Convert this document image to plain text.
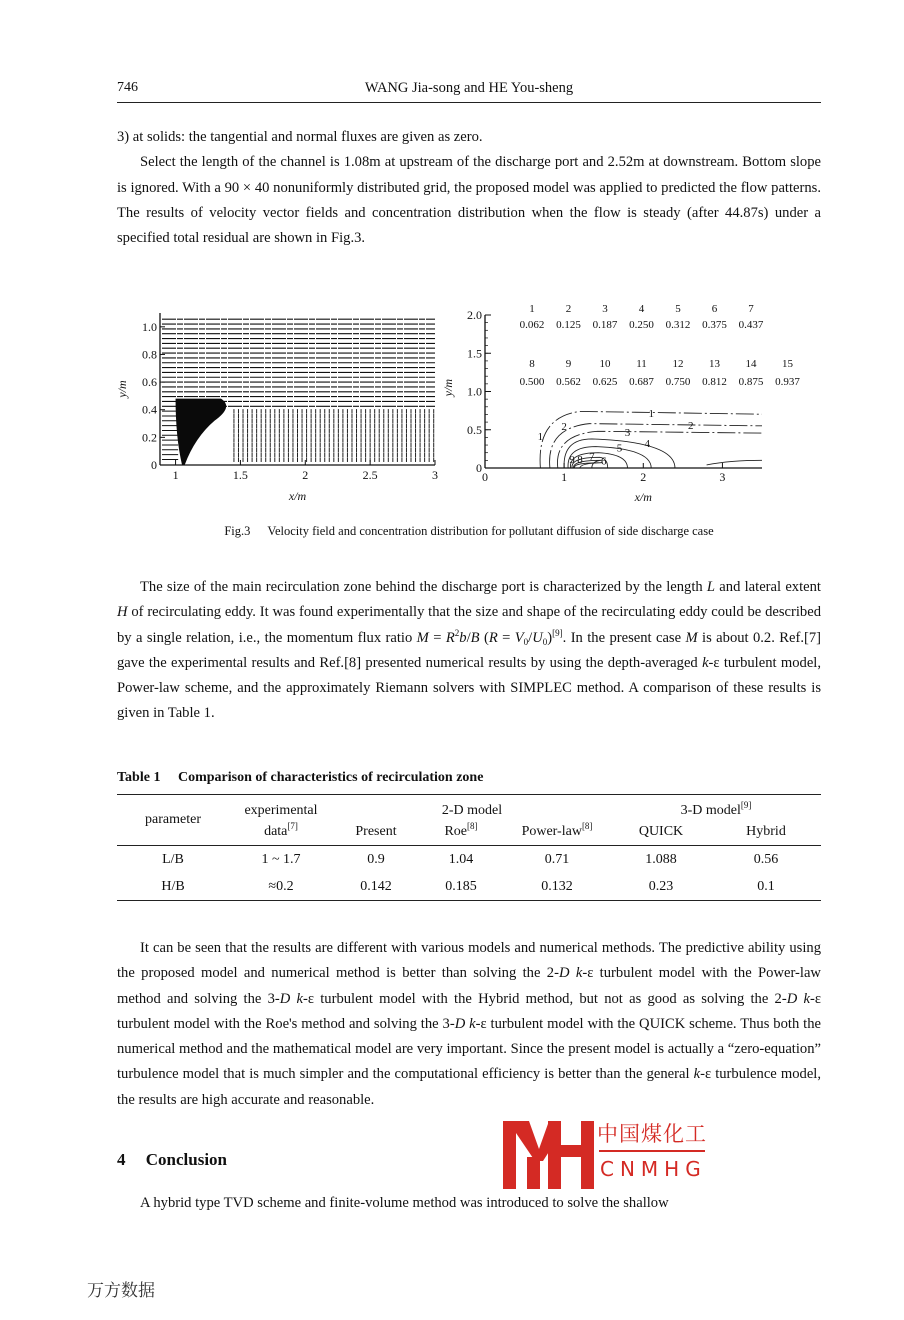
746	WANG Jia-song and HE You-sheng

3) at solids: the tangential and normal fluxes are given as zero.

Select the length of the channel is 1.08m at upstream of the discharge port and 2.52m at downstream. Bottom slope is ignored. With a 90 × 40 nonuniformly distributed grid, the proposed model was applied to predicted the flow patterns. The results of velocity vector fields and concentration distribution when the flow is steady (after 44.87s) under a specified total residual are shown in Fig.3.

1	1.5	2	2.5	3
0
0.2
0.4
0.6
0.8
1.0
x/m
y/m
1
1
2	2
3
4
5
6
7
8
9
0	1	2	3
0
0.5
1.0
1.5
2.0
x/m
y/m
1
0.062
2
0.125
3
0.187
4
0.250
5
0.312
6
0.375
7
0.437
8
0.500
9
0.562
10
0.625
11
0.687
12
0.750
13
0.812
14
0.875
15
0.937
Fig.3 Velocity field and concentration distribution for pollutant diffusion of side discharge case

The size of the main recirculation zone behind the discharge port is characterized by the length L and lateral extent H of recirculating eddy. It was found experimentally that the size and shape of the recirculating eddy could be described by a single relation, i.e., the momentum flux ratio $M = R^2b/B$ $(R = V_0/U_0)[9]$. In the present case M is about 0.2. Ref.[7] gave the experimental results and Ref.[8] presented numerical results by using the depth-averaged k-ε turbulent model, Power-law scheme, and the approximately Riemann solvers with SIMPLEC method. A comparison of these results is given in Table 1.

Table 1 Comparison of characteristics of recirculation zone
parameter	experimental	2-D model			3-D model[9]
	data[7]	Present	Roe[8]	Power-law[8]	QUICK	Hybrid
L/B	1 ~ 1.7	0.9	1.04	0.71	1.088	0.56
H/B	≈0.2	0.142	0.185	0.132	0.23	0.1

It can be seen that the results are different with various models and numerical methods. The predictive ability using the proposed model and numerical method is better than solving the 2-D k-ε turbulent model with the Power-law method and solving the 3-D k-ε turbulent model with the Hybrid method, but not as good as solving the 2-D k-ε turbulent model with the Roe's method and solving the 3-D k-ε turbulent model with the QUICK scheme. Thus both the numerical method and the mathematical model are very important. Since the present model is actually a “zero-equation” turbulence model that is much simpler and the computational efficiency is better than the general k-ε turbulence model, the results are high accurate and reasonable.

4 Conclusion

A hybrid type TVD scheme and finite-volume method was introduced to solve the shallow

中国煤化工
CNMHG
万方数据
